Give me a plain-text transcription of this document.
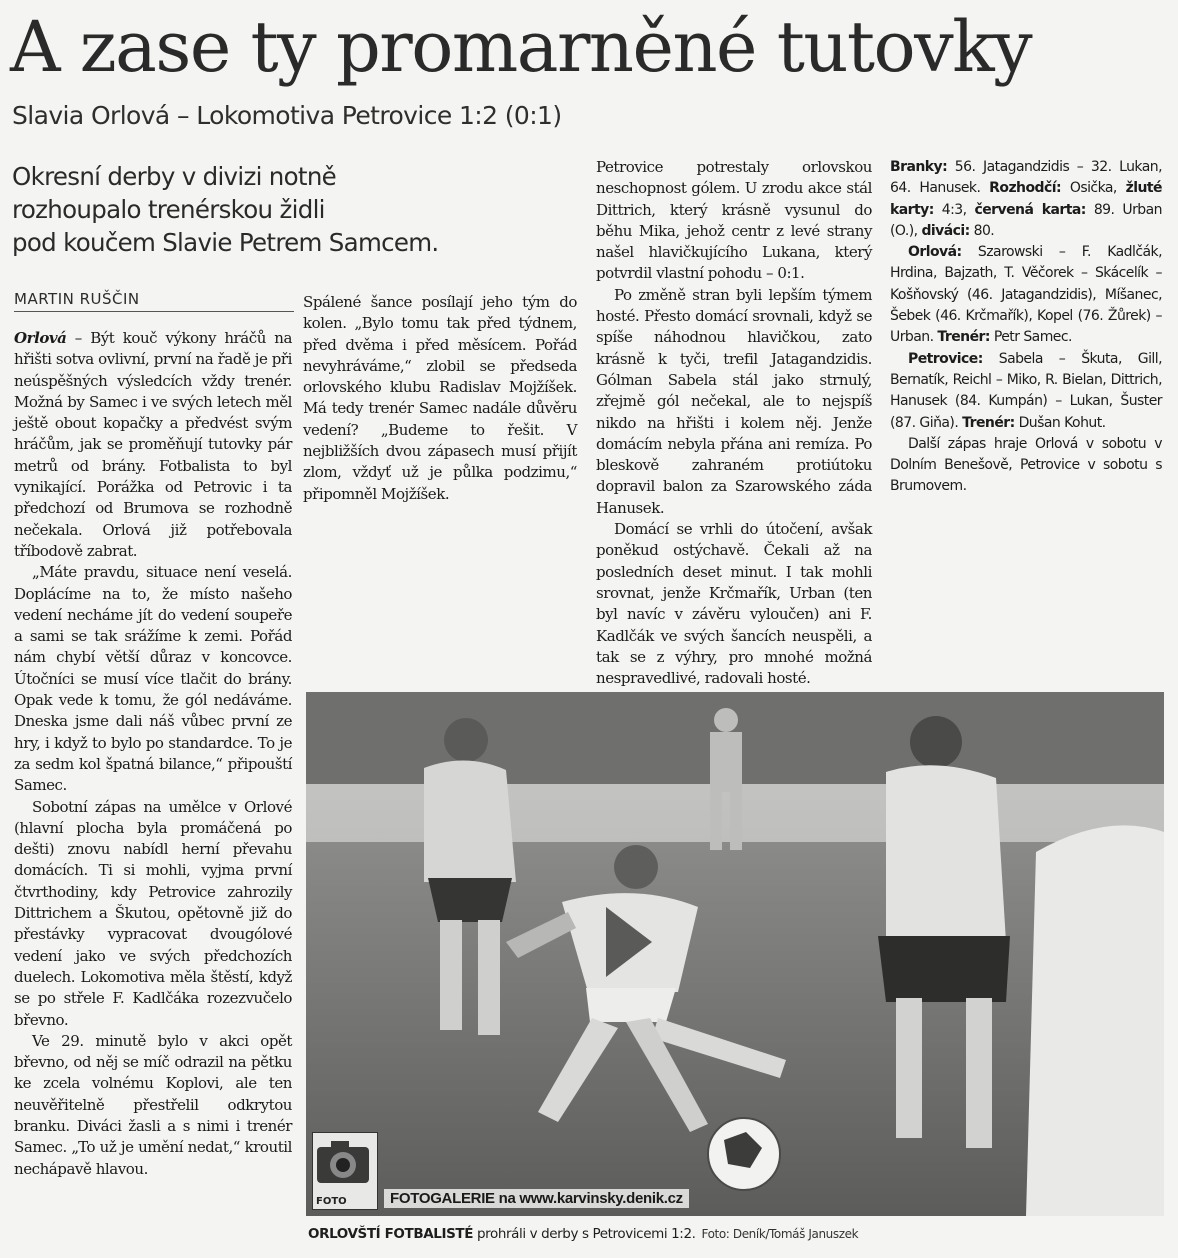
A zase ty promarněné tutovky
Slavia Orlová – Lokomotiva Petrovice 1:2 (0:1)
Okresní derby v divizi notně
rozhoupalo trenérskou židli
pod koučem Slavie Petrem Samcem.
MARTIN RUŠČIN

Orlová – Být kouč výkony hráčů na hřišti sotva ovlivní, první na řadě je při neúspěšných výsledcích vždy trenér. Možná by Samec i ve svých letech měl ještě obout kopačky a předvést svým hráčům, jak se proměňují tutovky pár metrů od brány. Fotbalista to byl vynikající. Porážka od Petrovic i ta předchozí od Brumova se rozhodně nečekala. Orlová již potřebovala tříbodově zabrat.

„Máte pravdu, situace není veselá. Doplácíme na to, že místo našeho vedení necháme jít do vedení soupeře a sami se tak srážíme k zemi. Pořád nám chybí větší důraz v koncovce. Útočníci se musí více tlačit do brány. Opak vede k tomu, že gól nedáváme. Dneska jsme dali náš vůbec první ze hry, i když to bylo po standardce. To je za sedm kol špatná bilance,“ připouští Samec.

Sobotní zápas na umělce v Orlové (hlavní plocha byla promáčená po dešti) znovu nabídl herní převahu domácích. Ti si mohli, vyjma první čtvrthodiny, kdy Petrovice zahrozily Dittrichem a Škutou, opětovně již do přestávky vypracovat dvougólové vedení jako ve svých předchozích duelech. Lokomotiva měla štěstí, když se po střele F. Kadlčáka rozezvučelo břevno.

Ve 29. minutě bylo v akci opět břevno, od něj se míč odrazil na pětku ke zcela volnému Koplovi, ale ten neuvěřitelně přestřelil odkrytou branku. Diváci žasli a s nimi i trenér Samec. „To už je umění nedat,“ kroutil nechápavě hlavou.

Spálené šance posílají jeho tým do kolen. „Bylo tomu tak před týdnem, před dvěma i před měsícem. Pořád nevyhráváme,“ zlobil se předseda orlovského klubu Radislav Mojžíšek. Má tedy trenér Samec nadále důvěru vedení? „Budeme to řešit. V nejbližších dvou zápasech musí přijít zlom, vždyť už je půlka podzimu,“ připomněl Mojžíšek.

Petrovice potrestaly orlovskou neschopnost gólem. U zrodu akce stál Dittrich, který krásně vysunul do běhu Mika, jehož centr z levé strany našel hlavičkujícího Lukana, který potvrdil vlastní pohodu – 0:1.

Po změně stran byli lepším týmem hosté. Přesto domácí srovnali, když se spíše náhodnou hlavičkou, zato krásně k tyči, trefil Jatagandzidis. Gólman Sabela stál jako strnulý, zřejmě gól nečekal, ale to nejspíš nikdo na hřišti i kolem něj. Jenže domácím nebyla přána ani remíza. Po bleskově zahraném protiútoku dopravil balon za Szarowského záda Hanusek.

Domácí se vrhli do útočení, avšak poněkud ostýchavě. Čekali až na posledních deset minut. I tak mohli srovnat, jenže Krčmařík, Urban (ten byl navíc v závěru vyloučen) ani F. Kadlčák ve svých šancích neuspěli, a tak se z výhry, pro mnohé možná nespravedlivé, radovali hosté.

Branky: 56. Jatagandzidis – 32. Lukan, 64. Hanusek. Rozhodčí: Osička, žluté karty: 4:3, červená karta: 89. Urban (O.), diváci: 80.

Orlová: Szarowski – F. Kadlčák, Hrdina, Bajzath, T. Věčorek – Skácelík – Košňovský (46. Jatagandzidis), Míšanec, Šebek (46. Krčmařík), Kopel (76. Žůrek) – Urban. Trenér: Petr Samec.

Petrovice: Sabela – Škuta, Gill, Bernatík, Reichl – Miko, R. Bielan, Dittrich, Hanusek (84. Kumpán) – Lukan, Šuster (87. Giňa). Trenér: Dušan Kohut.

Další zápas hraje Orlová v sobotu v Dolním Benešově, Petrovice v sobotu s Brumovem.

FOTO	FOTOGALERIE na www.karvinsky.denik.cz
ORLOVŠTÍ FOTBALISTÉ prohráli v derby s Petrovicemi 1:2. Foto: Deník/Tomáš Januszek
